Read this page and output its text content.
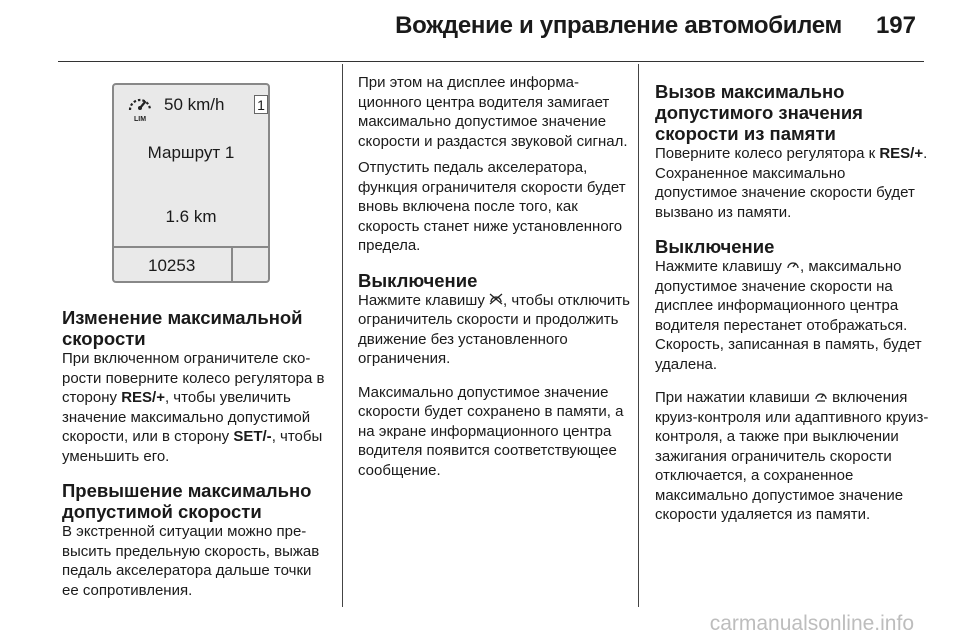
Вождение и управление автомобилем 197
LIM
50 km/h 1
Маршрут 1
1.6 km
10253
Изменение максимальной скорости

При включенном ограничителе скорости поверните колесо регулятора в сторону RES/+, чтобы увеличить значение максимально допустимой скорости, или в сторону SET/-, чтобы уменьшить его.

Превышение максимально допустимой скорости

В экстренной ситуации можно превысить предельную скорость, выжав педаль акселератора дальше точки ее сопротивления.

При этом на дисплее информационного центра водителя замигает максимально допустимое значение скорости и раздастся звуковой сигнал.

Отпустить педаль акселератора, функция ограничителя скорости будет вновь включена после того, как скорость станет ниже установленного предела.

Выключение

Нажмите клавишу , чтобы отключить ограничитель скорости и продолжить движение без установленного ограничения.

Максимально допустимое значение скорости будет сохранено в памяти, а на экране информационного центра водителя появится соответствующее сообщение.

Вызов максимально допустимого значения скорости из памяти

Поверните колесо регулятора к RES/+. Сохраненное максимально допустимое значение скорости будет вызвано из памяти.

Выключение

Нажмите клавишу , максимально допустимое значение скорости на дисплее информационного центра водителя перестанет отображаться. Скорость, записанная в память, будет удалена.

При нажатии клавиши  включения круиз-контроля или адаптивного круиз-контроля, а также при выключении зажигания ограничитель скорости отключается, а сохраненное максимально допустимое значение скорости удаляется из памяти.

carmanualsonline.info
